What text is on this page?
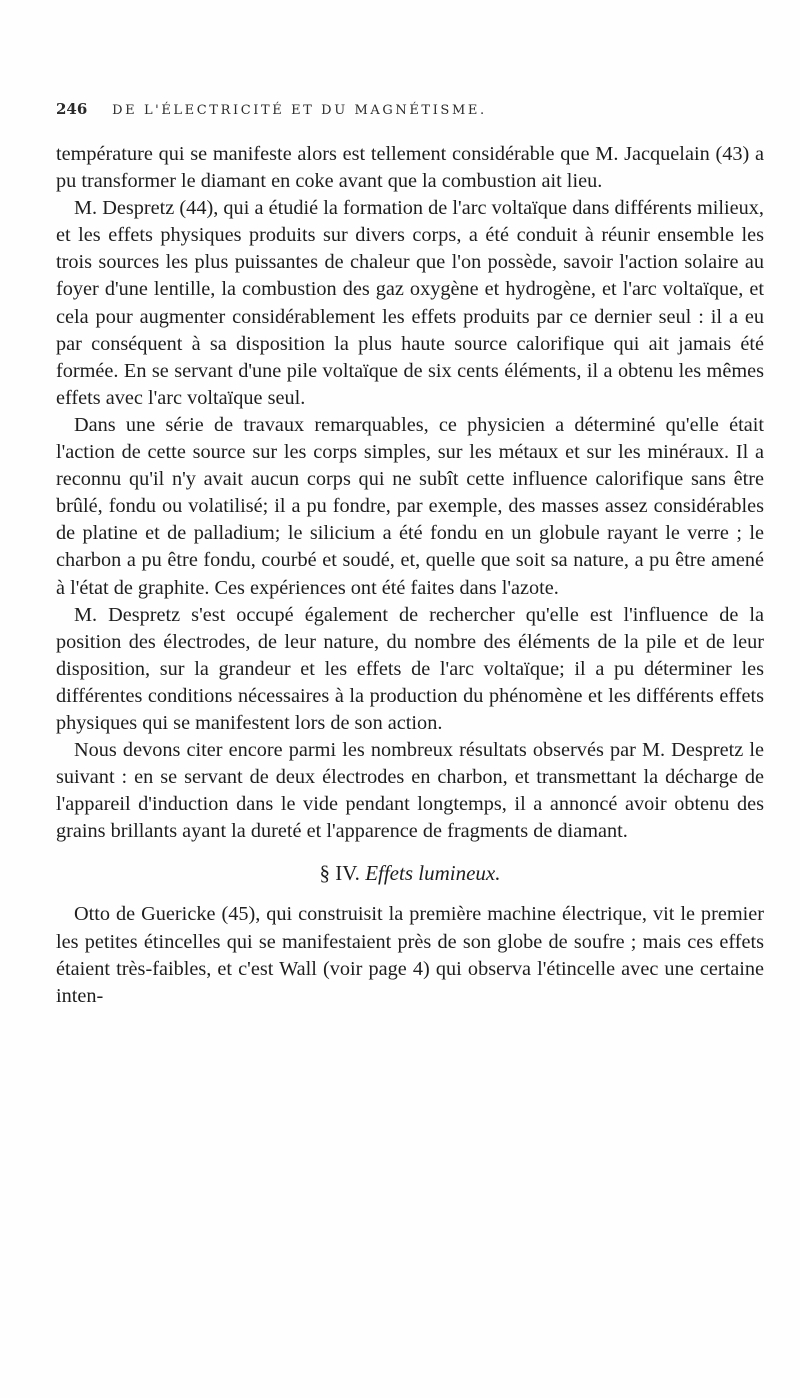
246 DE L'ÉLECTRICITÉ ET DU MAGNÉTISME.

température qui se manifeste alors est tellement considérable que M. Jacquelain (43) a pu transformer le diamant en coke avant que la combustion ait lieu.

M. Despretz (44), qui a étudié la formation de l'arc voltaïque dans différents milieux, et les effets physiques produits sur divers corps, a été conduit à réunir ensemble les trois sources les plus puissantes de chaleur que l'on possède, savoir l'action solaire au foyer d'une lentille, la combustion des gaz oxygène et hydrogène, et l'arc voltaïque, et cela pour augmenter considérablement les effets produits par ce dernier seul : il a eu par conséquent à sa disposition la plus haute source calorifique qui ait jamais été formée. En se servant d'une pile voltaïque de six cents éléments, il a obtenu les mêmes effets avec l'arc voltaïque seul.

Dans une série de travaux remarquables, ce physicien a déterminé qu'elle était l'action de cette source sur les corps simples, sur les métaux et sur les minéraux. Il a reconnu qu'il n'y avait aucun corps qui ne subît cette influence calorifique sans être brûlé, fondu ou volatilisé; il a pu fondre, par exemple, des masses assez considérables de platine et de palladium; le silicium a été fondu en un globule rayant le verre ; le charbon a pu être fondu, courbé et soudé, et, quelle que soit sa nature, a pu être amené à l'état de graphite. Ces expériences ont été faites dans l'azote.

M. Despretz s'est occupé également de rechercher qu'elle est l'influence de la position des électrodes, de leur nature, du nombre des éléments de la pile et de leur disposition, sur la grandeur et les effets de l'arc voltaïque; il a pu déterminer les différentes conditions nécessaires à la production du phénomène et les différents effets physiques qui se manifestent lors de son action.

Nous devons citer encore parmi les nombreux résultats observés par M. Despretz le suivant : en se servant de deux électrodes en charbon, et transmettant la décharge de l'appareil d'induction dans le vide pendant longtemps, il a annoncé avoir obtenu des grains brillants ayant la dureté et l'apparence de fragments de diamant.

§ IV. Effets lumineux.

Otto de Guericke (45), qui construisit la première machine électrique, vit le premier les petites étincelles qui se manifestaient près de son globe de soufre ; mais ces effets étaient très-faibles, et c'est Wall (voir page 4) qui observa l'étincelle avec une certaine inten-
